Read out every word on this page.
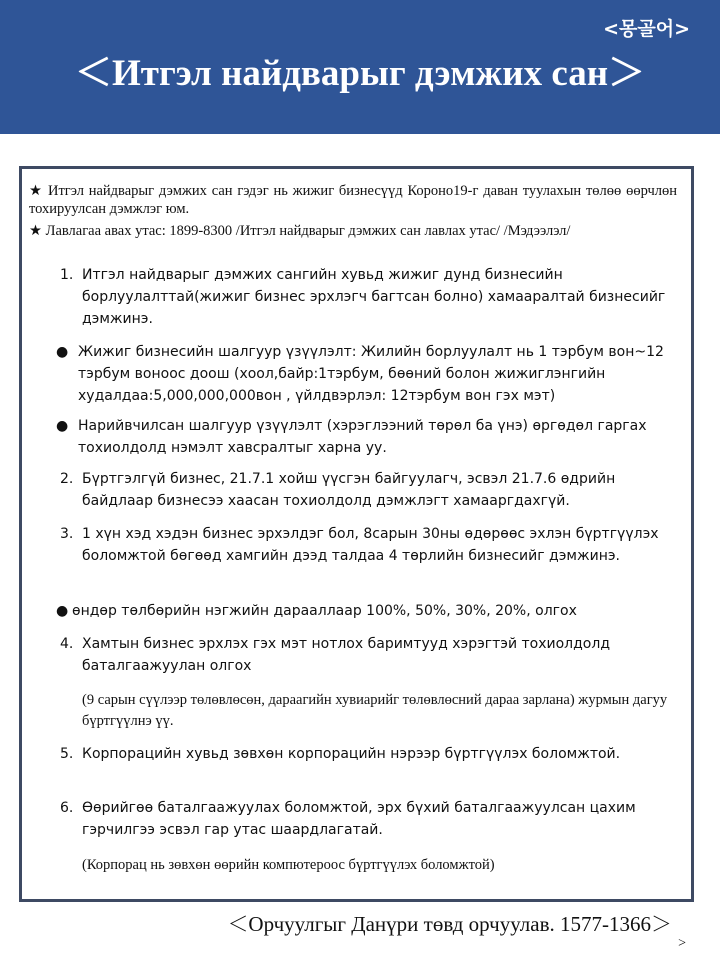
<몽골어>
＜Итгэл найдварыг дэмжих сан＞
★ Итгэл найдварыг дэмжих сан гэдэг нь жижиг бизнесүүд Короно19-г даван туулахын төлөө өөрчлөн тохируулсан дэмжлэг юм.
★ Лавлагаа авах утас: 1899-8300 /Итгэл найдварыг дэмжих сан лавлах утас/ /Мэдээлэл/
1. Итгэл найдварыг дэмжих сангийн хувьд жижиг дунд бизнесийн борлуулалттай(жижиг бизнес эрхлэгч багтсан болно) хамааралтай бизнесийг дэмжинэ.
● Жижиг бизнесийн шалгуур үзүүлэлт: Жилийн борлуулалт нь 1 тэрбум вон~12 тэрбум воноос доош (хоол,байр:1тэрбум, бөөний болон жижиглэнгийн худалдаа:5,000,000,000вон , үйлдвэрлэл: 12тэрбум вон гэх мэт)
● Нарийвчилсан шалгуур үзүүлэлт (хэрэглээний төрөл ба үнэ) өргөдөл гаргах тохиолдолд нэмэлт хавсралтыг харна уу.
2. Бүртгэлгүй бизнес, 21.7.1 хойш үүсгэн байгуулагч, эсвэл 21.7.6 өдрийн байдлаар бизнесээ хаасан тохиолдолд дэмжлэгт хамааргдахгүй.
3. 1 хүн хэд хэдэн бизнес эрхэлдэг бол, 8сарын 30ны өдөрөөс эхлэн бүртгүүлэх боломжтой бөгөөд хамгийн дээд талдаа 4 төрлийн бизнесийг дэмжинэ.
● өндөр төлбөрийн нэгжийн дарааллаар 100%, 50%, 30%, 20%, олгох
4. Хамтын бизнес эрхлэх гэх мэт нотлох баримтууд хэрэгтэй тохиолдолд баталгаажуулан олгох
(9 сарын сүүлээр төлөвлөсөн, дараагийн хувиарийг төлөвлөсний дараа зарлана) журмын дагуу бүртгүүлнэ үү.
5. Корпорацийн хувьд зөвхөн корпорацийн нэрээр бүртгүүлэх боломжтой.
6. Өөрийгөө баталгаажуулах боломжтой, эрх бүхий баталгаажуулсан цахим гэрчилгээ эсвэл гар утас шаардлагатай.
(Корпорац нь зөвхөн өөрийн компютероос бүртгүүлэх боломжтой)
＜Орчуулгыг Данүри төвд орчуулав. 1577-1366＞
>
